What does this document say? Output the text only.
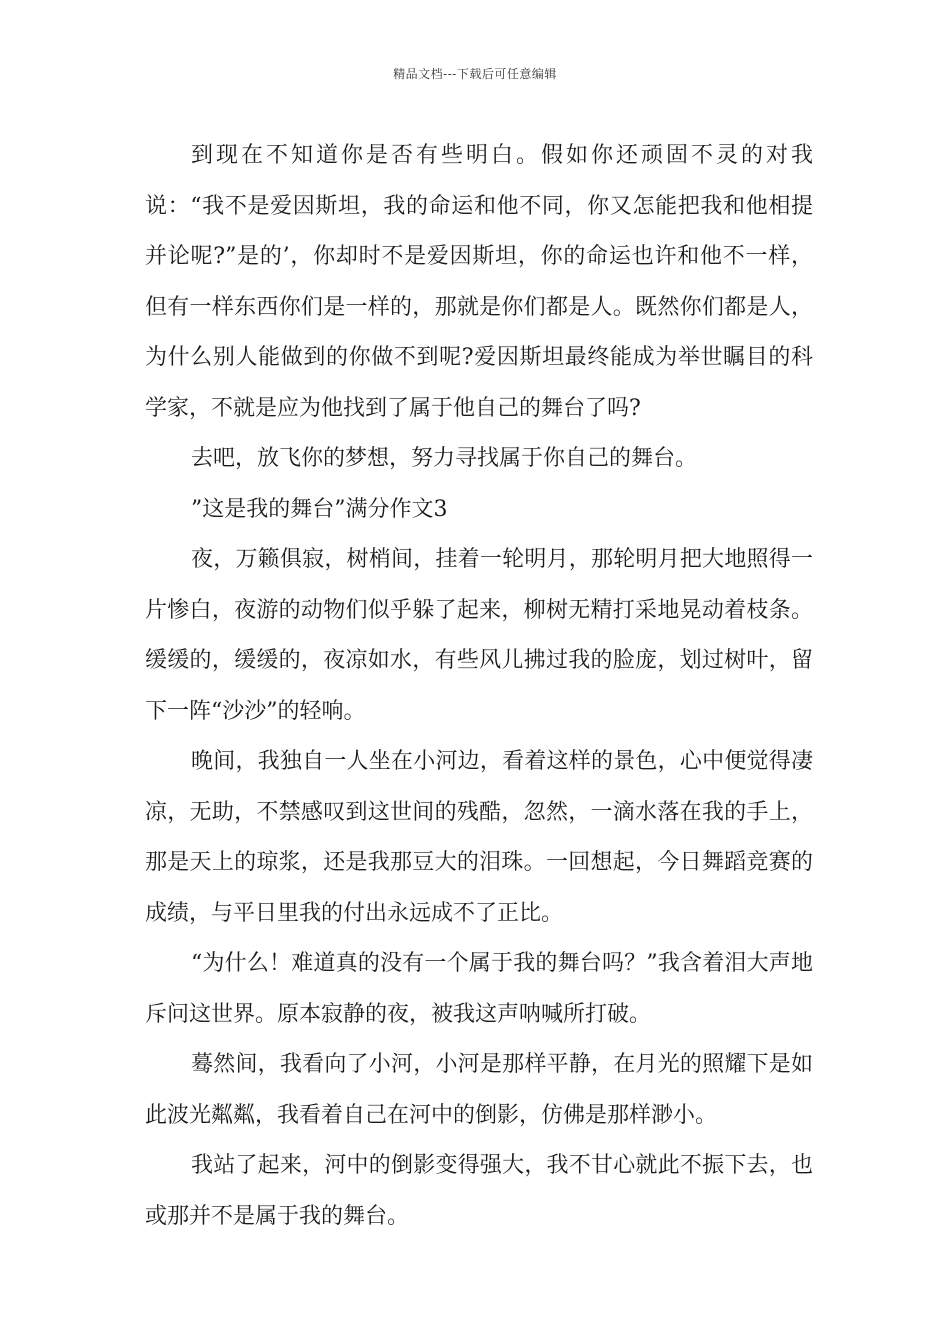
精品文档---下载后可任意编辑

到现在不知道你是否有些明白。假如你还顽固不灵的对我说：“我不是爱因斯坦，我的命运和他不同，你又怎能把我和他相提并论呢?”是的’，你却时不是爱因斯坦，你的命运也许和他不一样，但有一样东西你们是一样的，那就是你们都是人。既然你们都是人，为什么别人能做到的你做不到呢?爱因斯坦最终能成为举世瞩目的科学家，不就是应为他找到了属于他自己的舞台了吗?

去吧，放飞你的梦想，努力寻找属于你自己的舞台。

”这是我的舞台”满分作文3

夜，万籁俱寂，树梢间，挂着一轮明月，那轮明月把大地照得一片惨白，夜游的动物们似乎躲了起来，柳树无精打采地晃动着枝条。缓缓的，缓缓的，夜凉如水，有些风儿拂过我的脸庞，划过树叶，留下一阵“沙沙”的轻响。

晚间，我独自一人坐在小河边，看着这样的景色，心中便觉得凄凉，无助，不禁感叹到这世间的残酷，忽然，一滴水落在我的手上，那是天上的琼浆，还是我那豆大的泪珠。一回想起，今日舞蹈竞赛的成绩，与平日里我的付出永远成不了正比。

“为什么！难道真的没有一个属于我的舞台吗？”我含着泪大声地斥问这世界。原本寂静的夜，被我这声呐喊所打破。

蓦然间，我看向了小河，小河是那样平静，在月光的照耀下是如此波光粼粼，我看着自己在河中的倒影，仿佛是那样渺小。

我站了起来，河中的倒影变得强大，我不甘心就此不振下去，也或那并不是属于我的舞台。
